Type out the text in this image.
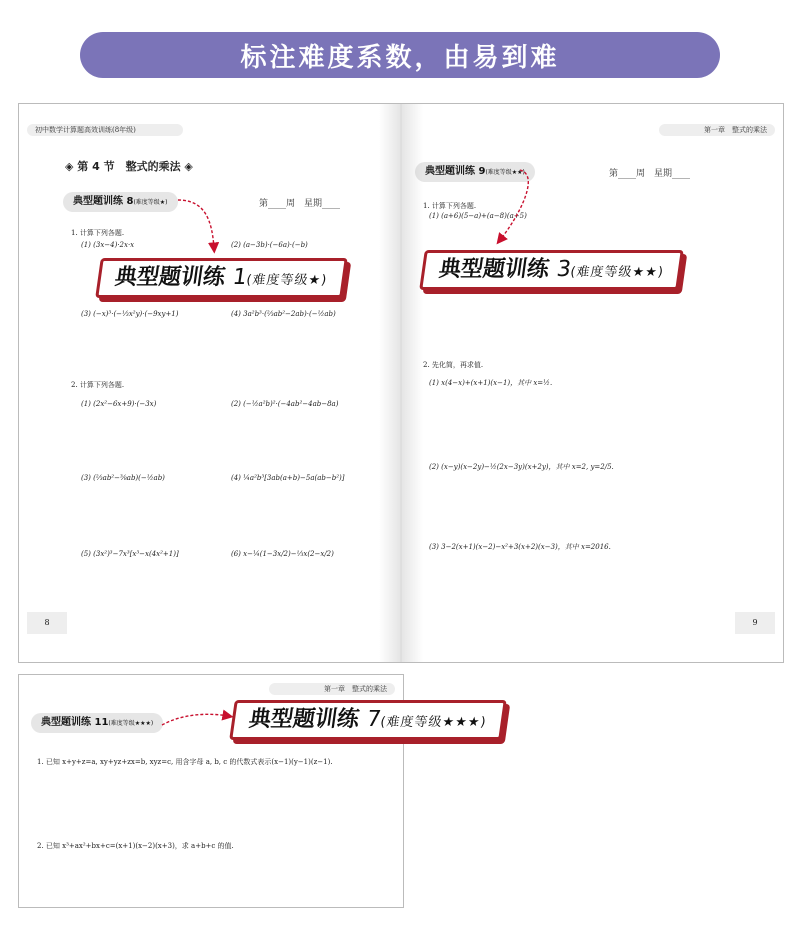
标注难度系数，由易到难
初中数学计算题高效训练(8年级)
◈ 第 4 节　整式的乘法 ◈
典型题训练 8(难度等级★)	第____周　星期____
1. 计算下列各题.
(1) (3x−4)·2x·x	(2) (a−3b)·(−6a)·(−b)
(3) (−x)³·(−⅓x²y)·(−9xy+1)	(4) 3a²b³·(⅔ab²−2ab)·(−½ab)
2. 计算下列各题.
(1) (2x²−6x+9)·(−3x)	(2) (−½a²b)²·(−4ab²−4ab−8a)
(3) (⅔ab²−⅜ab)(−½ab)	(4) ¼a²b³[3ab(a+b)−5a(ab−b²)]
(5) (3x²)³−7x³[x³−x(4x²+1)]	(6) x−¼(1−3x/2)−⅓x(2−x/2)
8
第一章　整式的乘法
典型题训练 9(难度等级★★)	第____周　星期____
1. 计算下列各题.
(1) (a+6)(5−a)+(a−8)(a+5)
2. 先化简，再求值.
(1) x(4−x)+(x+1)(x−1)，其中 x=½.
(2) (x−y)(x−2y)−½(2x−3y)(x+2y)，其中 x=2, y=2/5.
(3) 3−2(x+1)(x−2)−x²+3(x+2)(x−3)，其中 x=2016.
9
第一章　整式的乘法
典型题训练 11(难度等级★★★)
1. 已知 x+y+z=a, xy+yz+zx=b, xyz=c, 用含字母 a, b, c 的代数式表示(x−1)(y−1)(z−1).
2. 已知 x³+ax²+bx+c=(x+1)(x−2)(x+3)，求 a+b+c 的值.
典型题训练 1(难度等级★)	典型题训练 3(难度等级★★)
典型题训练 7(难度等级★★★)
